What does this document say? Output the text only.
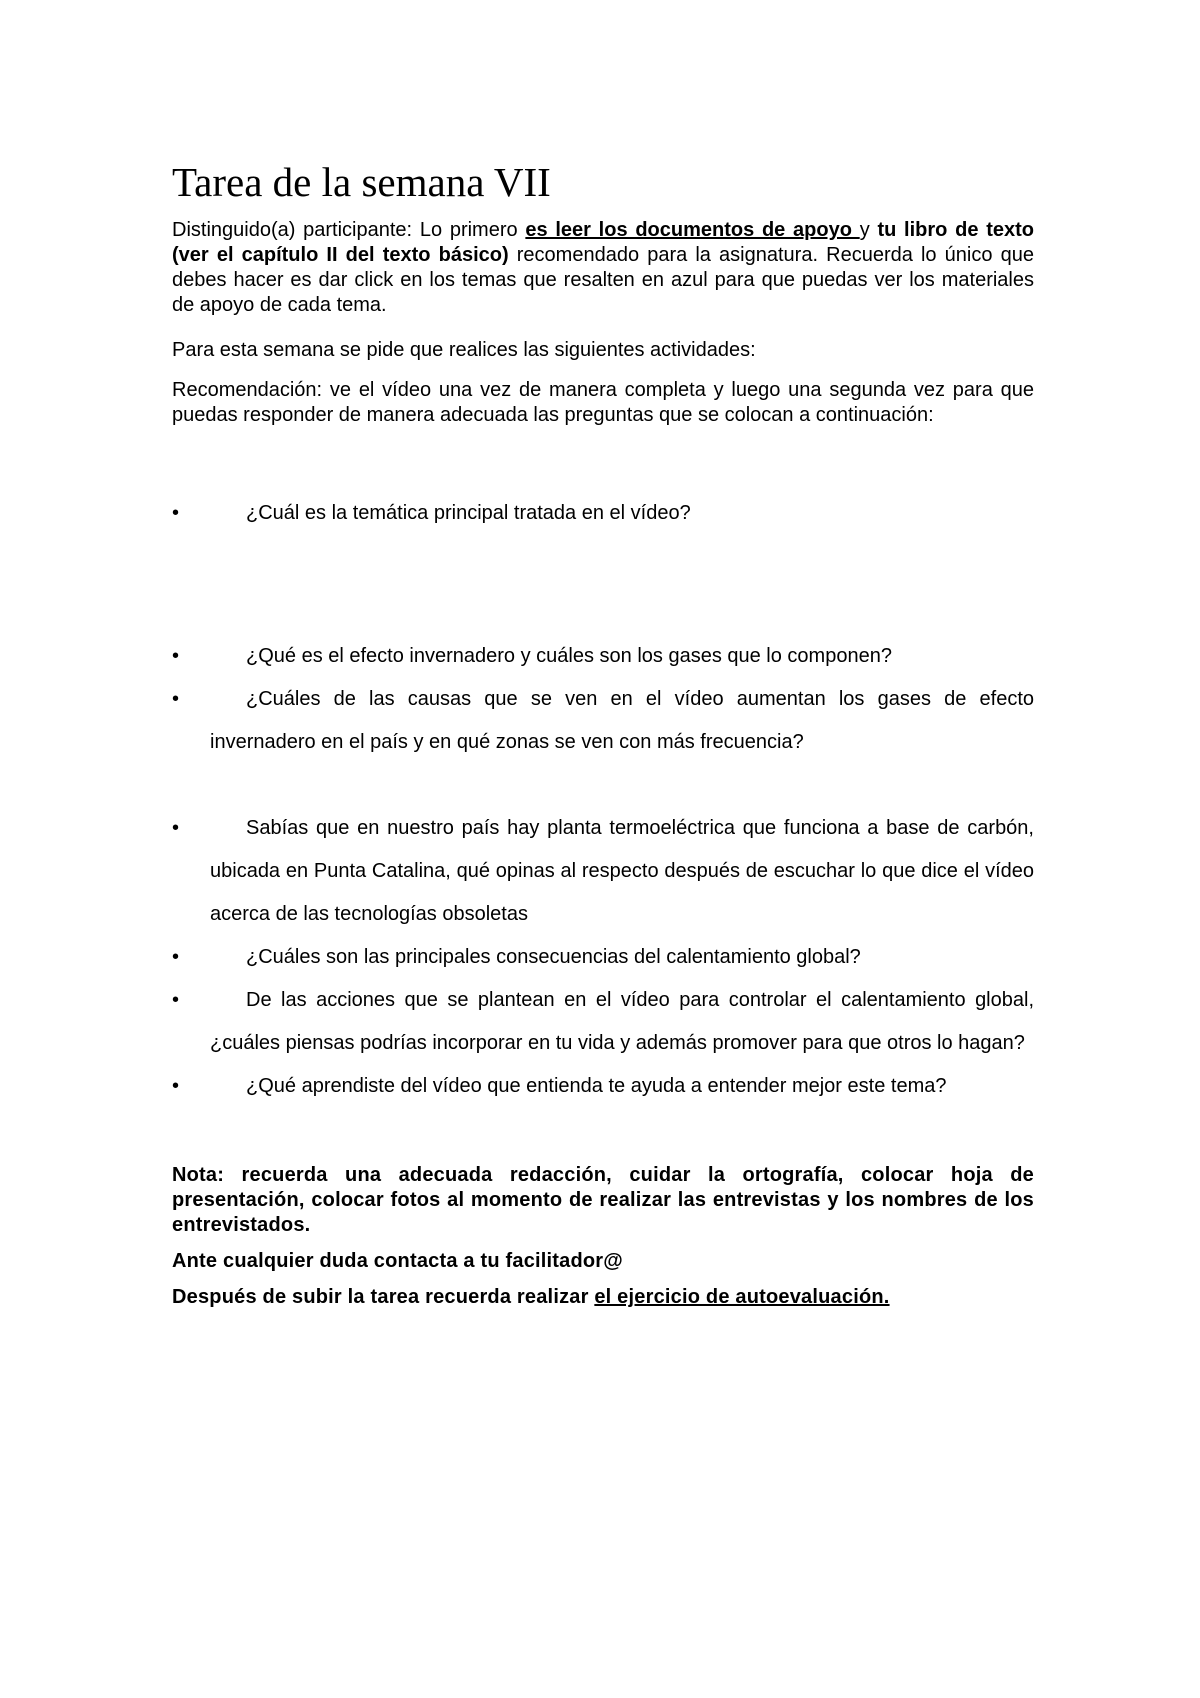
Tarea de la semana VII

Distinguido(a) participante: Lo primero es leer los documentos de apoyo y tu libro de texto (ver el capítulo II del texto básico) recomendado para la asignatura. Recuerda lo único que debes hacer es dar click en los temas que resalten en azul para que puedas ver los materiales de apoyo de cada tema.

Para esta semana se pide que realices las siguientes actividades:

Recomendación: ve el vídeo una vez de manera completa y luego una segunda vez para que puedas responder de manera adecuada las preguntas que se colocan a continuación:

•	¿Cuál es la temática principal tratada en el vídeo?
•	¿Qué es el efecto invernadero y cuáles son los gases que lo componen?
•	¿Cuáles de las causas que se ven en el vídeo aumentan los gases de efecto invernadero en el país y en qué zonas se ven con más frecuencia?
•	Sabías que en nuestro país hay planta termoeléctrica que funciona a base de carbón, ubicada en Punta Catalina, qué opinas al respecto después de escuchar lo que dice el vídeo acerca de las tecnologías obsoletas
•	¿Cuáles son las principales consecuencias del calentamiento global?
•	De las acciones que se plantean en el vídeo para controlar el calentamiento global, ¿cuáles piensas podrías incorporar en tu vida y además promover para que otros lo hagan?
•	¿Qué aprendiste del vídeo que entienda te ayuda a entender mejor este tema?

Nota: recuerda una adecuada redacción, cuidar la ortografía, colocar hoja de presentación, colocar fotos al momento de realizar las entrevistas y los nombres de los entrevistados.

Ante cualquier duda contacta a tu facilitador@

Después de subir la tarea recuerda realizar el ejercicio de autoevaluación.
